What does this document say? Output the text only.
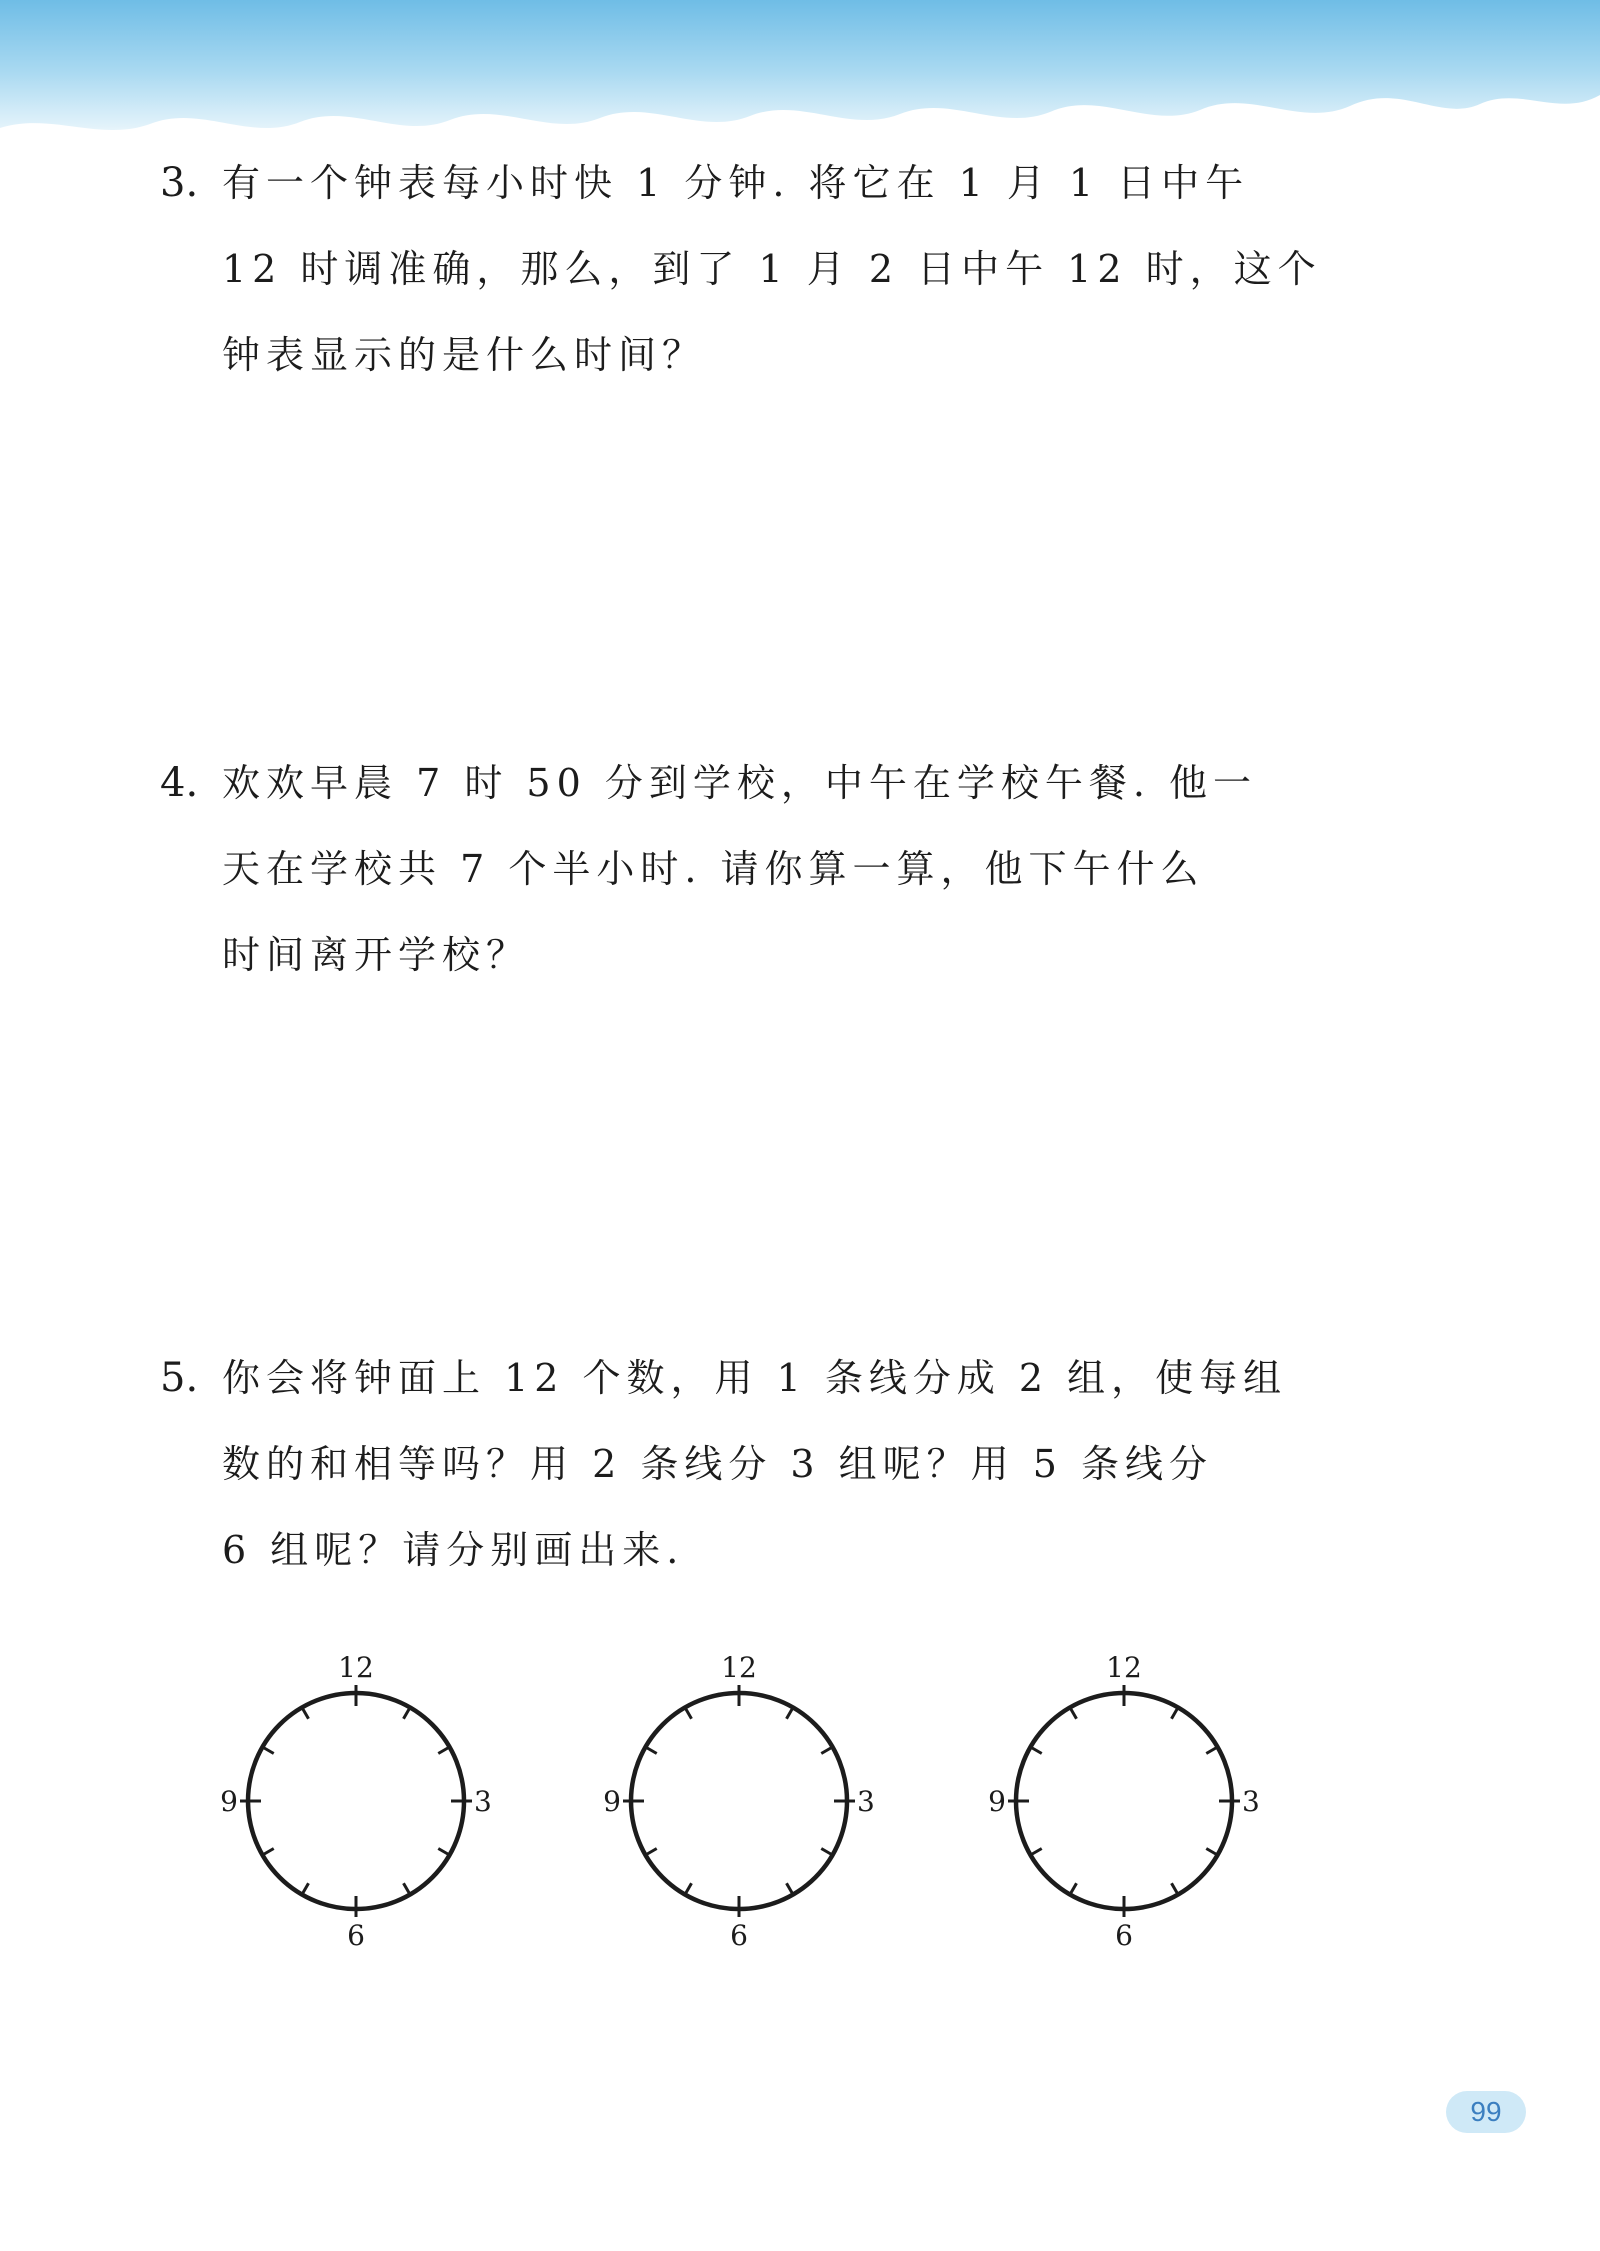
3. 有一个钟表每小时快 1 分钟. 将它在 1 月 1 日中午
12 时调准确，那么，到了 1 月 2 日中午 12 时，这个
钟表显示的是什么时间？
4. 欢欢早晨 7 时 50 分到学校，中午在学校午餐. 他一
天在学校共 7 个半小时. 请你算一算，他下午什么
时间离开学校？
5. 你会将钟面上 12 个数，用 1 条线分成 2 组，使每组
数的和相等吗？用 2 条线分 3 组呢？用 5 条线分
6 组呢？请分别画出来.
12
3
6
9
12
3
6
9
12
3
6
9
99
